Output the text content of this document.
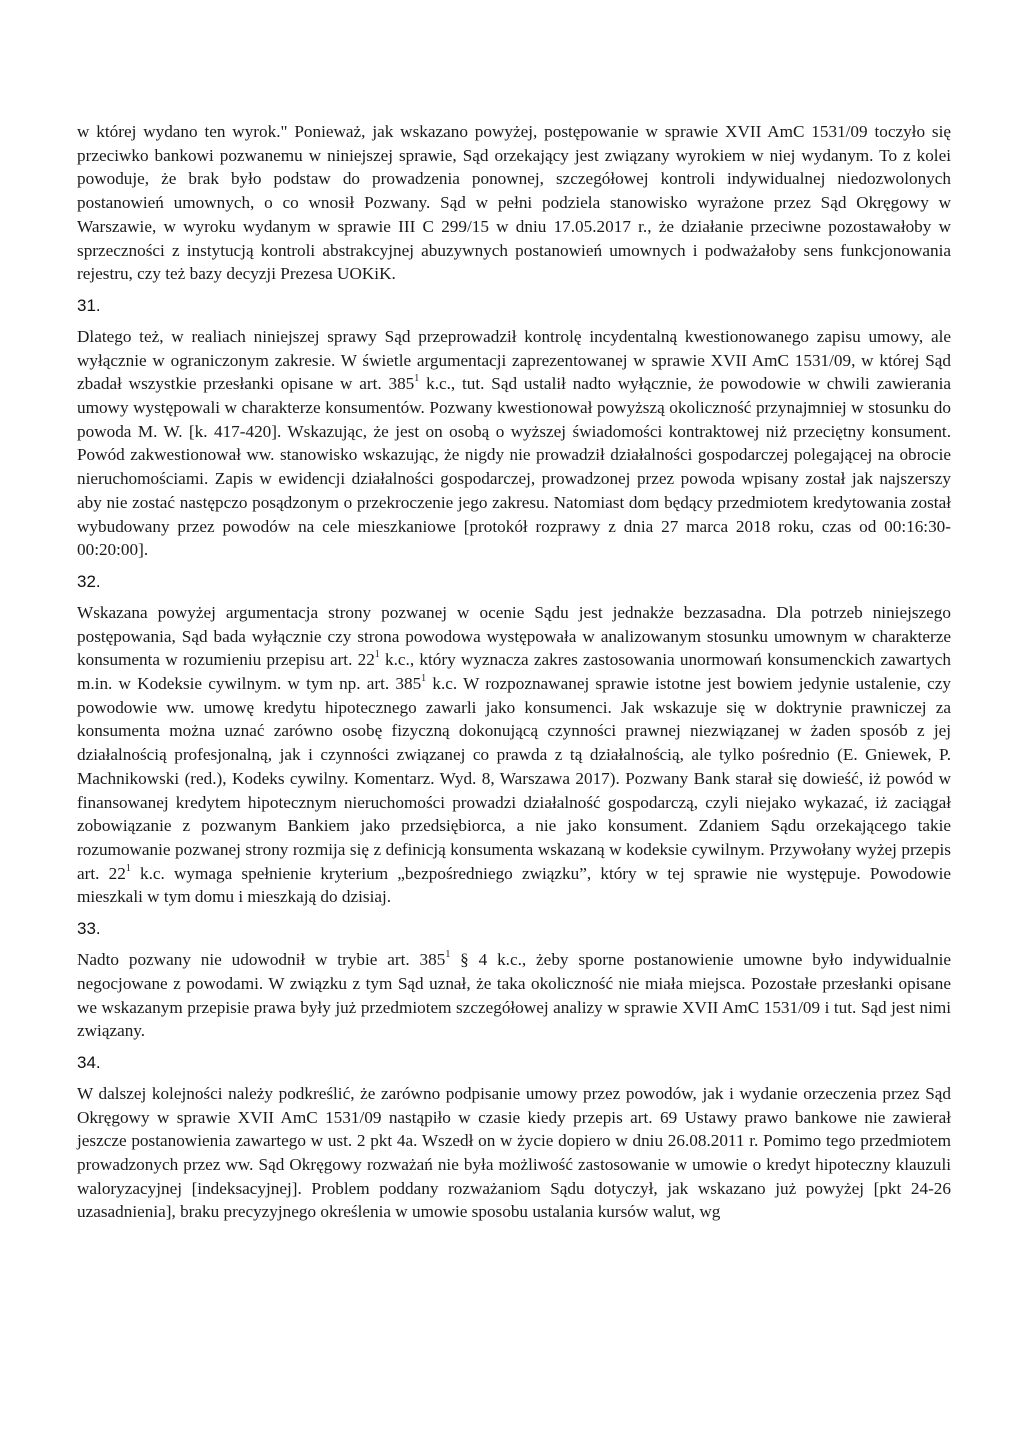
w której wydano ten wyrok." Ponieważ, jak wskazano powyżej, postępowanie w sprawie XVII AmC 1531/09 toczyło się przeciwko bankowi pozwanemu w niniejszej sprawie, Sąd orzekający jest związany wyrokiem w niej wydanym. To z kolei powoduje, że brak było podstaw do prowadzenia ponownej, szczegółowej kontroli indywidualnej niedozwolonych postanowień umownych, o co wnosił Pozwany. Sąd w pełni podziela stanowisko wyrażone przez Sąd Okręgowy w Warszawie, w wyroku wydanym w sprawie III C 299/15 w dniu 17.05.2017 r., że działanie przeciwne pozostawałoby w sprzeczności z instytucją kontroli abstrakcyjnej abuzywnych postanowień umownych i podważałoby sens funkcjonowania rejestru, czy też bazy decyzji Prezesa UOKiK.

31.

Dlatego też, w realiach niniejszej sprawy Sąd przeprowadził kontrolę incydentalną kwestionowanego zapisu umowy, ale wyłącznie w ograniczonym zakresie. W świetle argumentacji zaprezentowanej w sprawie XVII AmC 1531/09, w której Sąd zbadał wszystkie przesłanki opisane w art. $385^1$ k.c., tut. Sąd ustalił nadto wyłącznie, że powodowie w chwili zawierania umowy występowali w charakterze konsumentów. Pozwany kwestionował powyższą okoliczność przynajmniej w stosunku do powoda M. W. [k. 417-420]. Wskazując, że jest on osobą o wyższej świadomości kontraktowej niż przeciętny konsument. Powód zakwestionował ww. stanowisko wskazując, że nigdy nie prowadził działalności gospodarczej polegającej na obrocie nieruchomościami. Zapis w ewidencji działalności gospodarczej, prowadzonej przez powoda wpisany został jak najszerszy aby nie zostać następczo posądzonym o przekroczenie jego zakresu. Natomiast dom będący przedmiotem kredytowania został wybudowany przez powodów na cele mieszkaniowe [protokół rozprawy z dnia 27 marca 2018 roku, czas od 00:16:30-00:20:00].

32.

Wskazana powyżej argumentacja strony pozwanej w ocenie Sądu jest jednakże bezzasadna. Dla potrzeb niniejszego postępowania, Sąd bada wyłącznie czy strona powodowa występowała w analizowanym stosunku umownym w charakterze konsumenta w rozumieniu przepisu art. $22^1$ k.c., który wyznacza zakres zastosowania unormowań konsumenckich zawartych m.in. w Kodeksie cywilnym. w tym np. art. $385^1$ k.c. W rozpoznawanej sprawie istotne jest bowiem jedynie ustalenie, czy powodowie ww. umowę kredytu hipotecznego zawarli jako konsumenci. Jak wskazuje się w doktrynie prawniczej za konsumenta można uznać zarówno osobę fizyczną dokonującą czynności prawnej niezwiązanej w żaden sposób z jej działalnością profesjonalną, jak i czynności związanej co prawda z tą działalnością, ale tylko pośrednio (E. Gniewek, P. Machnikowski (red.), Kodeks cywilny. Komentarz. Wyd. 8, Warszawa 2017). Pozwany Bank starał się dowieść, iż powód w finansowanej kredytem hipotecznym nieruchomości prowadzi działalność gospodarczą, czyli niejako wykazać, iż zaciągał zobowiązanie z pozwanym Bankiem jako przedsiębiorca, a nie jako konsument. Zdaniem Sądu orzekającego takie rozumowanie pozwanej strony rozmija się z definicją konsumenta wskazaną w kodeksie cywilnym. Przywołany wyżej przepis art. $22^1$ k.c. wymaga spełnienie kryterium „bezpośredniego związku”, który w tej sprawie nie występuje. Powodowie mieszkali w tym domu i mieszkają do dzisiaj.

33.

Nadto pozwany nie udowodnił w trybie art. $385^1$ § 4 k.c., żeby sporne postanowienie umowne było indywidualnie negocjowane z powodami. W związku z tym Sąd uznał, że taka okoliczność nie miała miejsca. Pozostałe przesłanki opisane we wskazanym przepisie prawa były już przedmiotem szczegółowej analizy w sprawie XVII AmC 1531/09 i tut. Sąd jest nimi związany.

34.

W dalszej kolejności należy podkreślić, że zarówno podpisanie umowy przez powodów, jak i wydanie orzeczenia przez Sąd Okręgowy w sprawie XVII AmC 1531/09 nastąpiło w czasie kiedy przepis art. 69 Ustawy prawo bankowe nie zawierał jeszcze postanowienia zawartego w ust. 2 pkt 4a. Wszedł on w życie dopiero w dniu 26.08.2011 r. Pomimo tego przedmiotem prowadzonych przez ww. Sąd Okręgowy rozważań nie była możliwość zastosowanie w umowie o kredyt hipoteczny klauzuli waloryzacyjnej [indeksacyjnej]. Problem poddany rozważaniom Sądu dotyczył, jak wskazano już powyżej [pkt 24-26 uzasadnienia], braku precyzyjnego określenia w umowie sposobu ustalania kursów walut, wg
